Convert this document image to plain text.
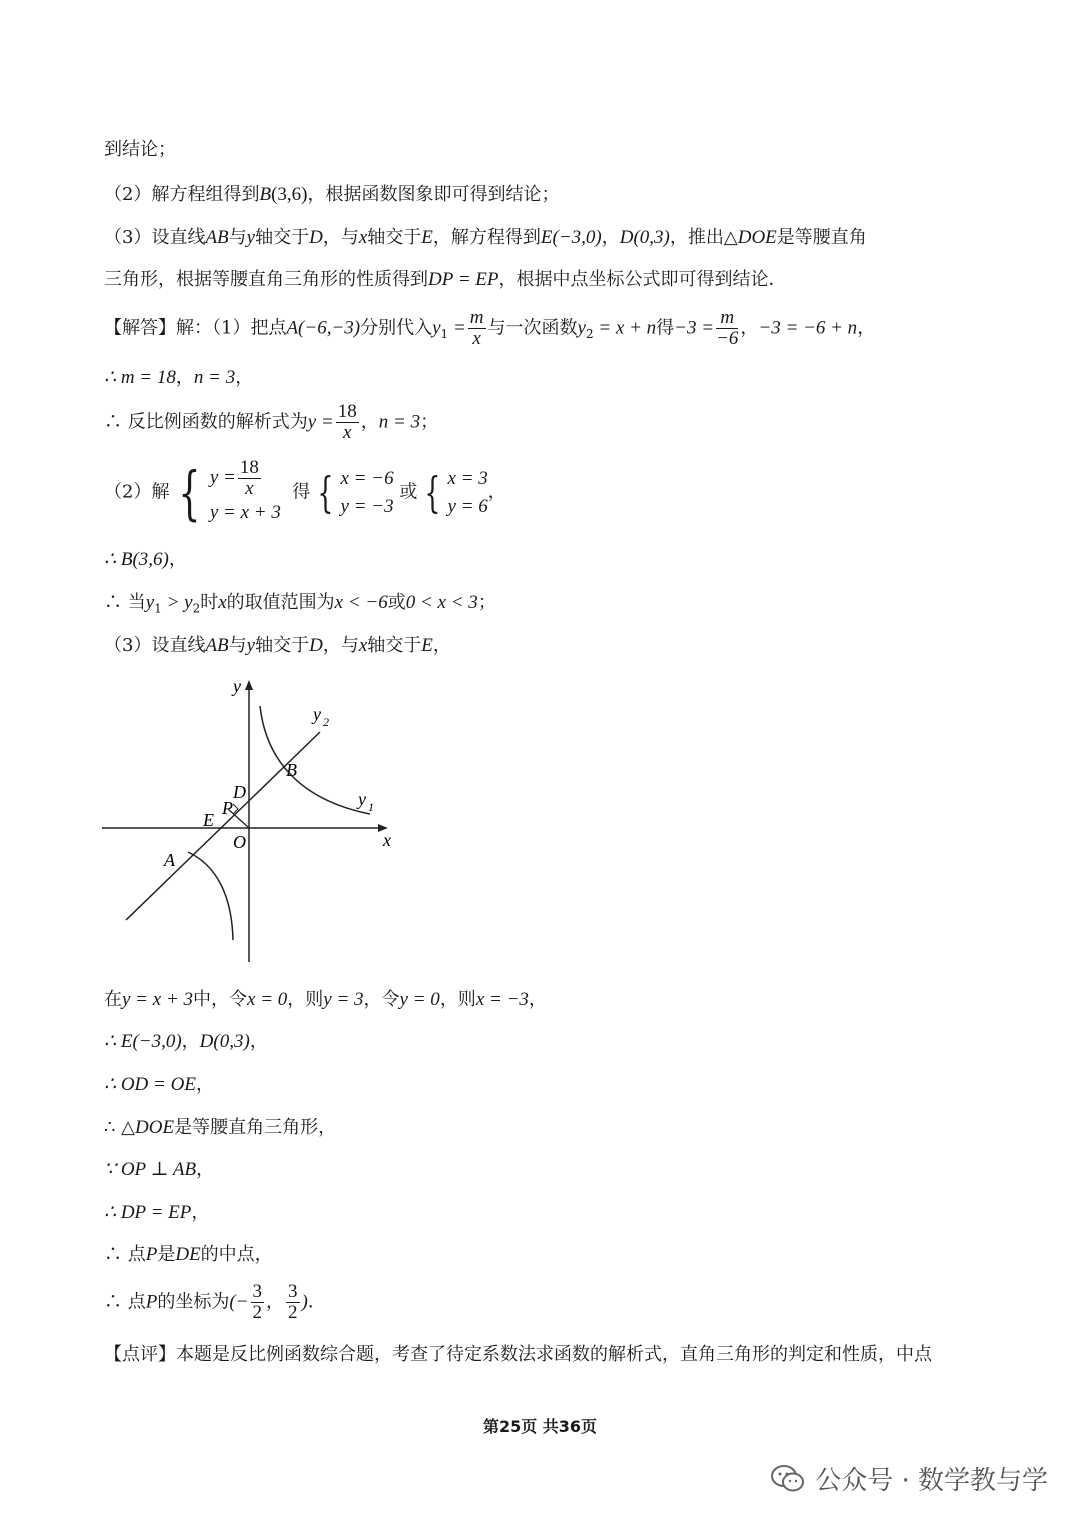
到结论；
（2）解方程组得到B(3,6)，根据函数图象即可得到结论；
（3）设直线AB与y轴交于D，与x轴交于E，解方程得到E(−3,0)，D(0,3)，推出△DOE是等腰直角
三角形，根据等腰直角三角形的性质得到DP = EP，根据中点坐标公式即可得到结论．
【解答】解：（1）把点A(−6,−3)分别代入$y_1 = \frac{m}{x}$ 与一次函数$y_2 = x + n$得$-3 = \frac{m}{-6}$ ，−3 = −6 + n，
∴ m = 18，n = 3，
∴ 反比例函数的解析式为$y = \frac{18}{x}$ ，n = 3；
（2）解 { $y = \frac{18}{x}$
y = x + 3
得 { x = −6
y = −3
或 { x = 3
y = 6
，
∴ B(3,6)，
∴ 当$y_1 > y_2$时x的取值范围为x < −6或0 < x < 3；
（3）设直线AB与y轴交于D，与x轴交于E，
y
x
y 2
y 1
B
D
P
E
O
A
在y = x + 3中，令x = 0，则y = 3，令y = 0，则x = −3，
∴ E(−3,0)，D(0,3)，
∴ OD = OE，
∴ △DOE是等腰直角三角形，
∵ OP ⊥ AB，
∴ DP = EP，
∴ 点P是DE的中点，
∴ 点P的坐标为(− $\frac{3}{2}$ ， $\frac{3}{2}$ )．
【点评】本题是反比例函数综合题，考查了待定系数法求函数的解析式，直角三角形的判定和性质，中点
第25页 共36页
公众号 · 数学教与学
